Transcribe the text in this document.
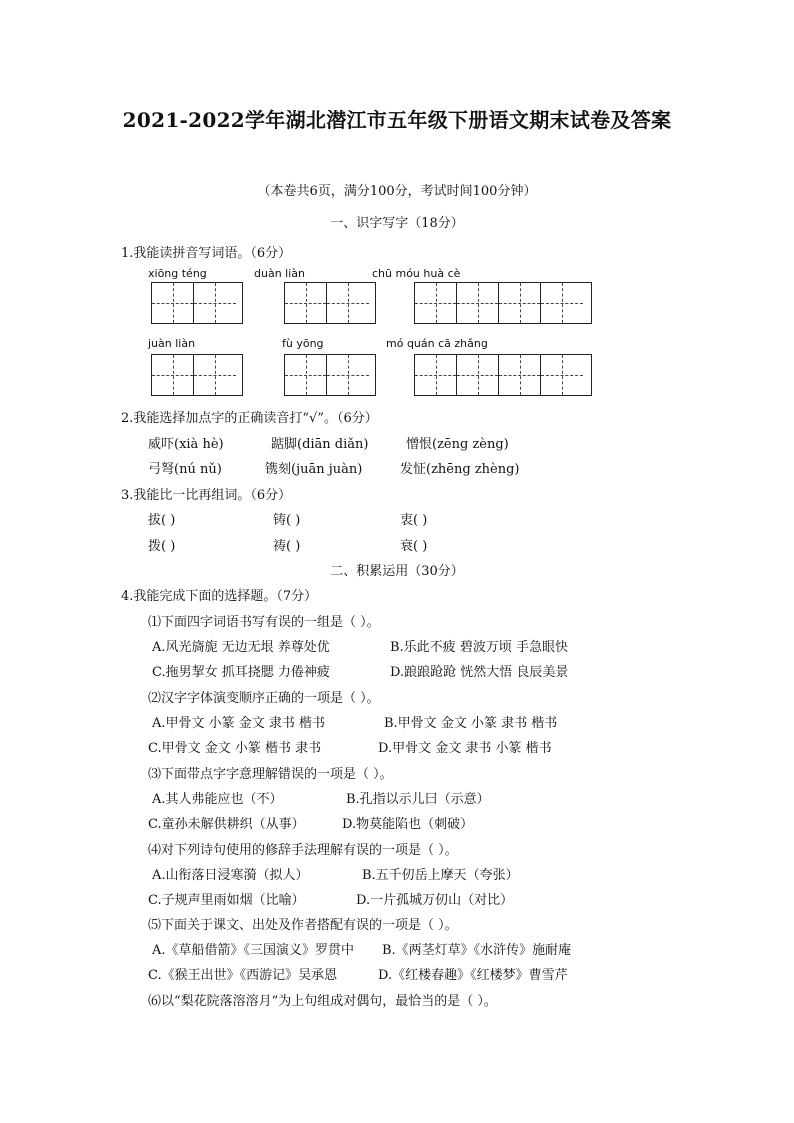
2021-2022学年湖北潜江市五年级下册语文期末试卷及答案
（本卷共6页，满分100分，考试时间100分钟）
一、识字写字（18分）
1.我能读拼音写词语。（6分）
xiōng téng	duàn liàn	chū móu huà cè
juàn liàn	fù yōng	mó quán cā zhǎng
2.我能选择加点字的正确读音打“√”。（6分）
威吓(xià hè)	踮脚(diān diǎn)	憎恨(zēng zèng)
弓弩(nú nǔ)	镌刻(juān juàn)	发怔(zhēng zhèng)
3.我能比一比再组词。（6分）
拔( )	铸( )	衷( )
拨( )	祷( )	衰( )
二、积累运用（30分）
4.我能完成下面的选择题。（7分）
⑴下面四字词语书写有误的一组是（ ）。
A.风光旖旎 无边无垠 养尊处优	B.乐此不疲 碧波万顷 手急眼快
C.拖男挈女 抓耳挠腮 力倦神疲	D.踉踉跄跄 恍然大悟 良辰美景
⑵汉字字体演变顺序正确的一项是（ ）。
A.甲骨文 小篆 金文 隶书 楷书	B.甲骨文 金文 小篆 隶书 楷书
C.甲骨文 金文 小篆 楷书 隶书	D.甲骨文 金文 隶书 小篆 楷书
⑶下面带点字字意理解错误的一项是（ ）。
A.其人弗能应也（不）	B.孔指以示儿曰（示意）
C.童孙未解供耕织（从事）	D.物莫能陷也（刺破）
⑷对下列诗句使用的修辞手法理解有误的一项是（ ）。
A.山衔落日浸寒漪（拟人）	B.五千仞岳上摩天（夸张）
C.子规声里雨如烟（比喻）	D.一片孤城万仞山（对比）
⑸下面关于课文、出处及作者搭配有误的一项是（ ）。
A.《草船借箭》《三国演义》罗贯中 B.《两茎灯草》《水浒传》施耐庵
C.《猴王出世》《西游记》吴承恩	D.《红楼春趣》《红楼梦》曹雪芹
⑹以“梨花院落溶溶月”为上句组成对偶句，最恰当的是（ ）。
